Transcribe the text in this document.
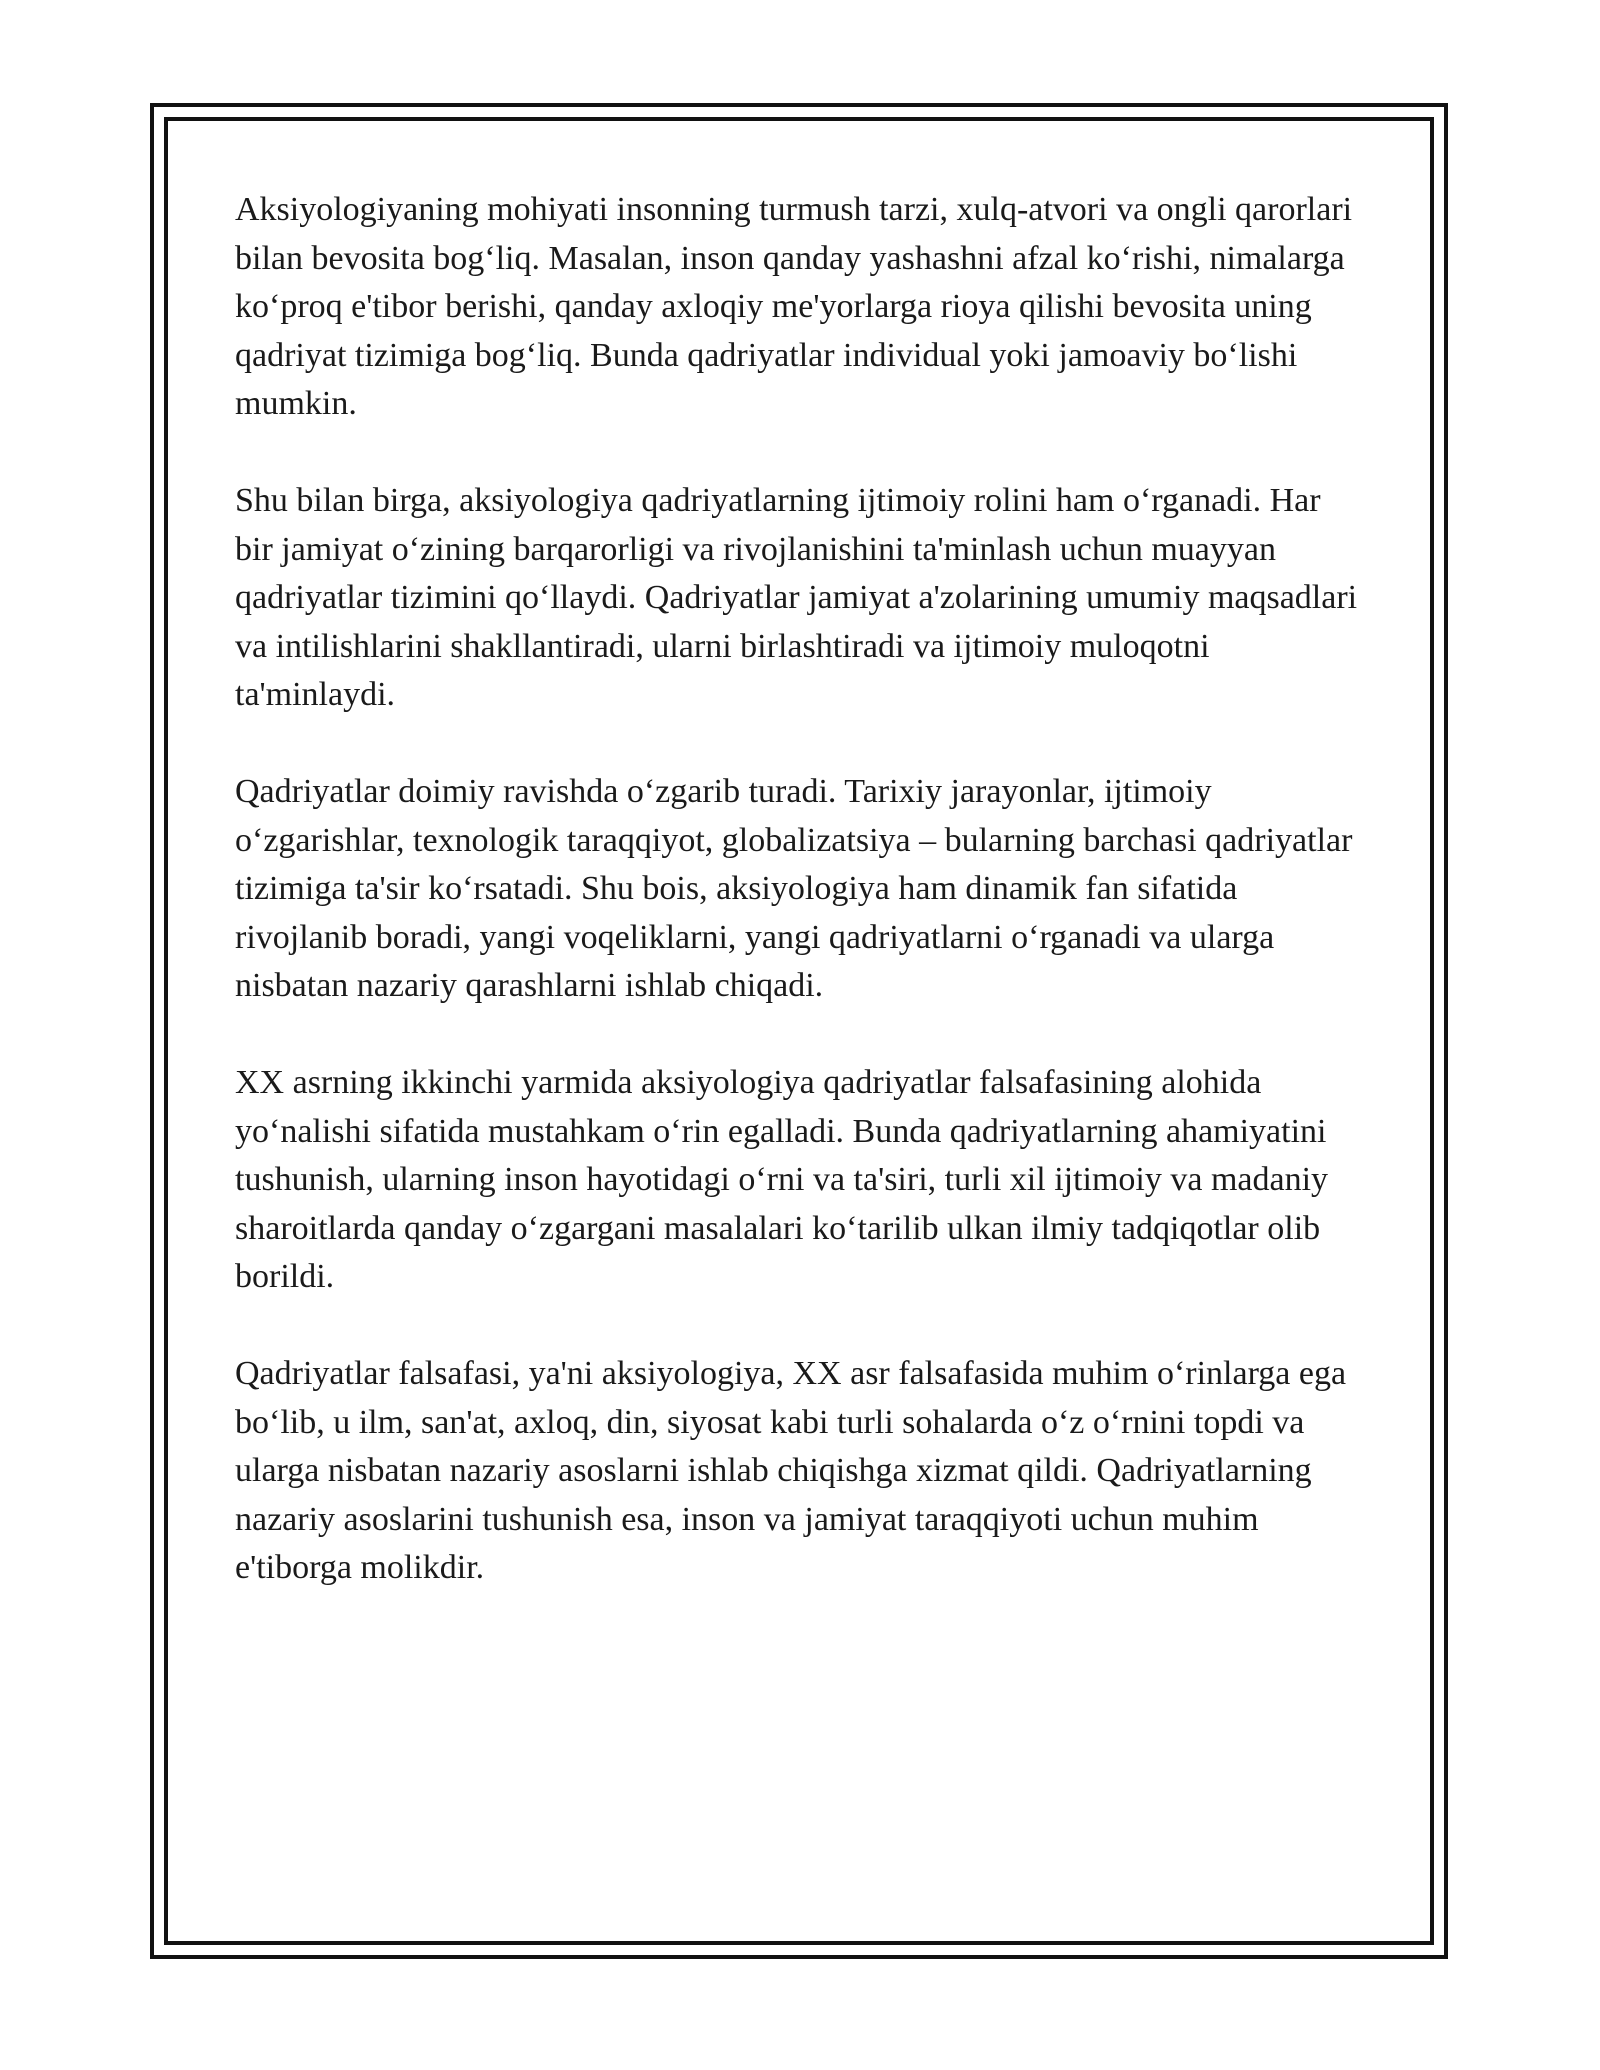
Aksiyologiyaning mohiyati insonning turmush tarzi, xulq-atvori va ongli qarorlari bilan bevosita bog‘liq. Masalan, inson qanday yashashni afzal ko‘rishi, nimalarga ko‘proq e'tibor berishi, qanday axloqiy me'yorlarga rioya qilishi bevosita uning qadriyat tizimiga bog‘liq. Bunda qadriyatlar individual yoki jamoaviy bo‘lishi mumkin.

Shu bilan birga, aksiyologiya qadriyatlarning ijtimoiy rolini ham o‘rganadi. Har bir jamiyat o‘zining barqarorligi va rivojlanishini ta'minlash uchun muayyan qadriyatlar tizimini qo‘llaydi. Qadriyatlar jamiyat a'zolarining umumiy maqsadlari va intilishlarini shakllantiradi, ularni birlashtiradi va ijtimoiy muloqotni ta'minlaydi.

Qadriyatlar doimiy ravishda o‘zgarib turadi. Tarixiy jarayonlar, ijtimoiy o‘zgarishlar, texnologik taraqqiyot, globalizatsiya – bularning barchasi qadriyatlar tizimiga ta'sir ko‘rsatadi. Shu bois, aksiyologiya ham dinamik fan sifatida rivojlanib boradi, yangi voqeliklarni, yangi qadriyatlarni o‘rganadi va ularga nisbatan nazariy qarashlarni ishlab chiqadi.

XX asrning ikkinchi yarmida aksiyologiya qadriyatlar falsafasining alohida yo‘nalishi sifatida mustahkam o‘rin egalladi. Bunda qadriyatlarning ahamiyatini tushunish, ularning inson hayotidagi o‘rni va ta'siri, turli xil ijtimoiy va madaniy sharoitlarda qanday o‘zgargani masalalari ko‘tarilib ulkan ilmiy tadqiqotlar olib borildi.

Qadriyatlar falsafasi, ya'ni aksiyologiya, XX asr falsafasida muhim o‘rinlarga ega bo‘lib, u ilm, san'at, axloq, din, siyosat kabi turli sohalarda o‘z o‘rnini topdi va ularga nisbatan nazariy asoslarni ishlab chiqishga xizmat qildi. Qadriyatlarning nazariy asoslarini tushunish esa, inson va jamiyat taraqqiyoti uchun muhim e'tiborga molikdir.
